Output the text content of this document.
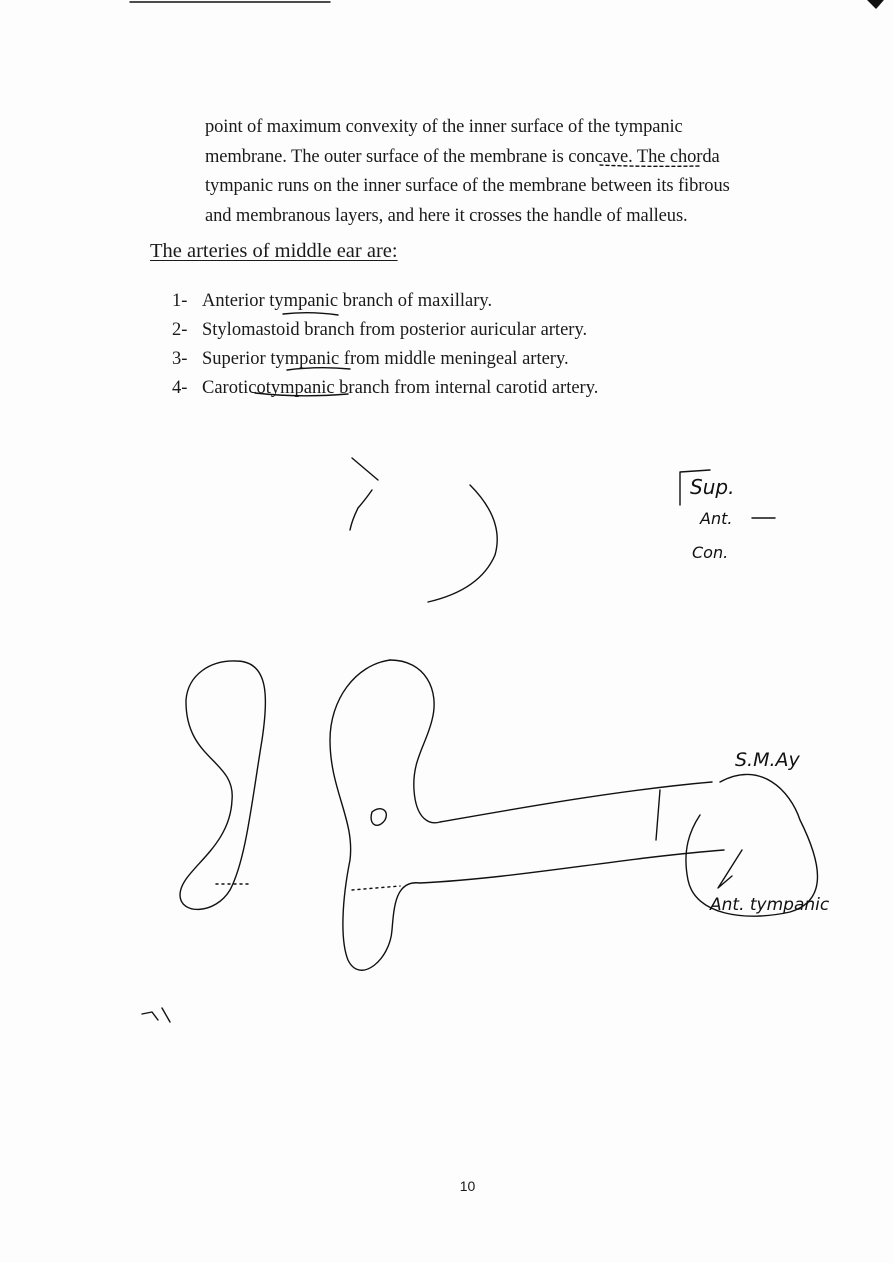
point of maximum convexity of the inner surface of the tympanic

membrane. The outer surface of the membrane is concave. The chorda

tympanic runs on the inner surface of the membrane between its fibrous

and membranous layers, and here it crosses the handle of malleus.

The arteries of middle ear are:
1- Anterior tympanic branch of maxillary.
2- Stylomastoid branch from posterior auricular artery.
3- Superior tympanic from middle meningeal artery.
4- Caroticotympanic branch from internal carotid artery.
Sup.
Ant.
Con.
S.M.Ay
Ant. tympanic
10
